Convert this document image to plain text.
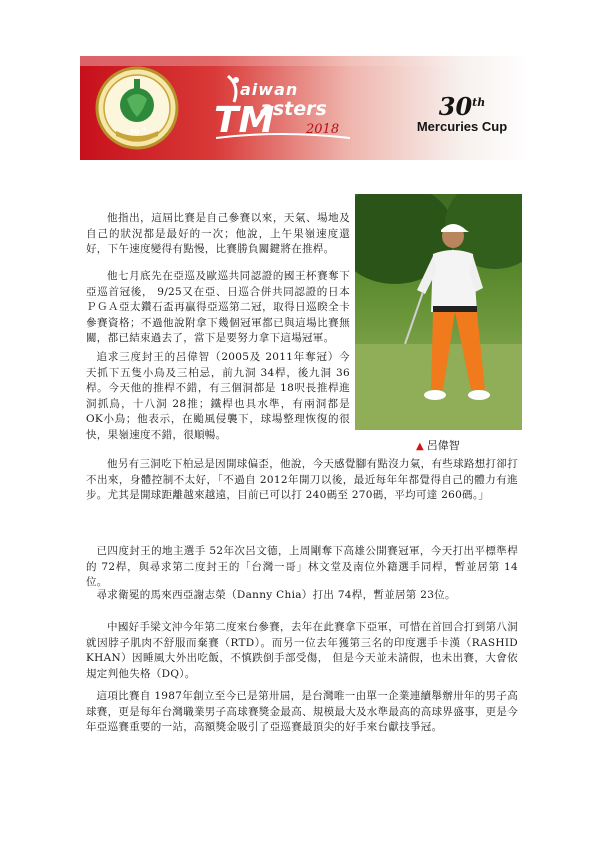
30 th TM
aiwan
asters
2018
30th
Mercuries Cup
▲ 呂偉智

他指出，這屆比賽是自己參賽以來，天氣、場地及自己的狀況都是最好的一次；他說，上午果嶺速度還好，下午速度變得有點慢，比賽勝負關鍵將在推桿。

他七月底先在亞巡及歐巡共同認證的國王杯賽奪下亞巡首冠後， 9/25又在亞、日巡合併共同認證的日本ＰＧＡ亞太鑽石盃再贏得亞巡第二冠，取得日巡睽全卡參賽資格；不過他說附拿下幾個冠軍都已與這場比賽無關，都已結束過去了，當下是要努力拿下這場冠軍。

追求三度封王的呂偉智（2005及 2011年奪冠）今天抓下五隻小鳥及三柏忌，前九洞 34桿，後九洞 36桿。今天他的推桿不錯，有三個洞都是 18呎長推桿進洞抓鳥，十八洞 28推；鐵桿也具水準，有兩洞都是 OK小鳥；他表示，在颱風侵襲下，球場整理恢復的很快，果嶺速度不錯，很順暢。

他另有三洞吃下柏忌是因開球偏歪，他說，今天感覺腳有點沒力氣，有些球路想打卻打不出來，身體控制不太好，「不過自 2012年開刀以後，最近每年年都覺得自己的體力有進步。尤其是開球距離越來越遠，目前已可以打 240碼至 270碼，平均可達 260碼。」

已四度封王的地主選手 52年次呂文德，上周剛奪下高雄公開賽冠軍，今天打出平標準桿的 72桿，與尋求第二度封王的「台灣一哥」林文堂及南位外籍選手同桿，暫並居第 14位。

尋求衛冕的馬來西亞謝志榮（Danny Chia）打出 74桿，暫並居第 23位。

中國好手梁文沖今年第二度來台參賽，去年在此賽拿下亞軍，可惜在首回合打到第八洞就因脖子肌肉不舒服而棄賽（RTD）。而另一位去年獲第三名的印度選手卡漢（RASHID KHAN）因睡風大外出吃飯，不慎跌倒手部受傷， 但是今天並未請假，也未出賽，大會依規定判他失格（DQ）。

這項比賽自 1987年創立至今已是第卅屆，是台灣唯一由單一企業連續舉辦卅年的男子高球賽，更是每年台灣職業男子高球賽獎金最高、規模最大及水準最高的高球界盛事，更是今年亞巡賽重要的一站，高額獎金吸引了亞巡賽最頂尖的好手來台獻技爭冠。
